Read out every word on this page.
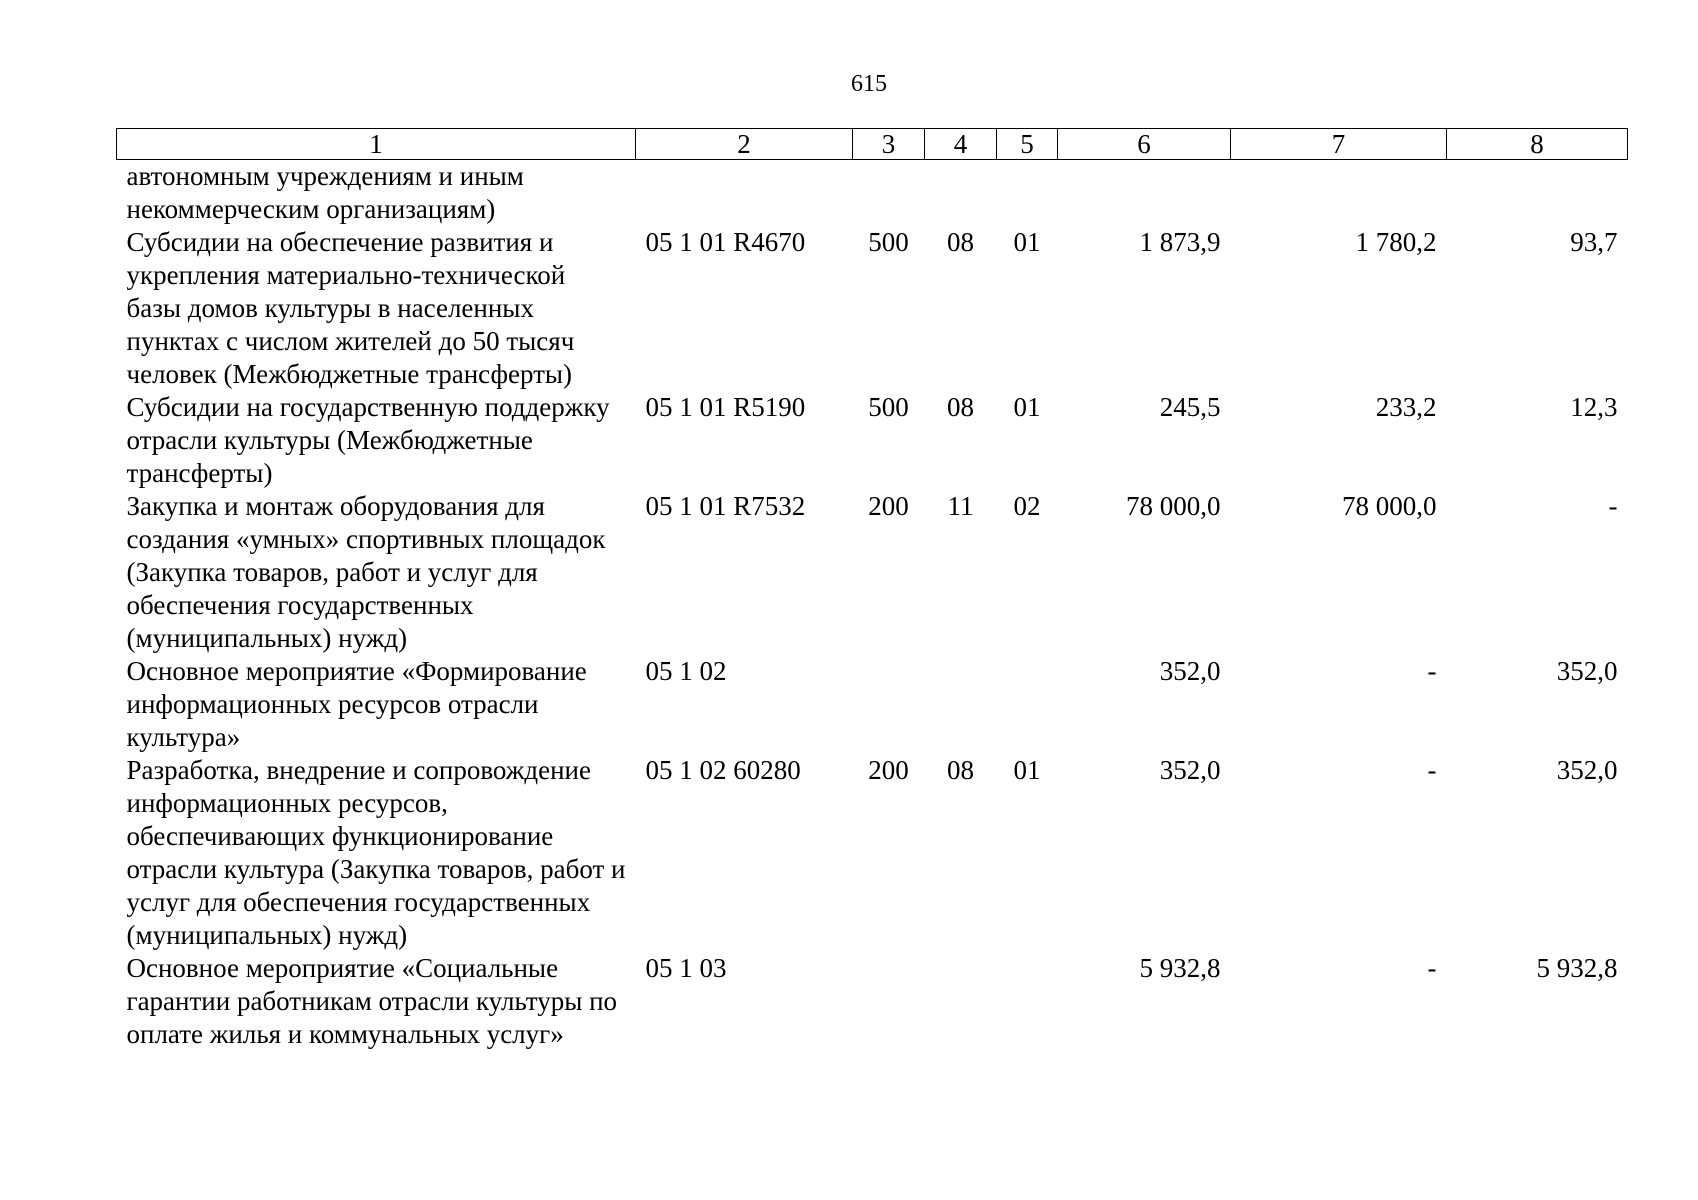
615
1	2	3	4	5	6	7	8
автономным учреждениям и иным некоммерческим организациям)							
Субсидии на обеспечение развития и укрепления материально-технической базы домов культуры в населенных пунктах с числом жителей до 50 тысяч человек (Межбюджетные трансферты)	05 1 01 R4670	500	08	01	1 873,9	1 780,2	93,7
Субсидии на государственную поддержку отрасли культуры (Межбюджетные трансферты)	05 1 01 R5190	500	08	01	245,5	233,2	12,3
Закупка и монтаж оборудования для создания «умных» спортивных площадок (Закупка товаров, работ и услуг для обеспечения государственных (муниципальных) нужд)	05 1 01 R7532	200	11	02	78 000,0	78 000,0	-
Основное мероприятие «Формирование информационных ресурсов отрасли культура»	05 1 02				352,0	-	352,0
Разработка, внедрение и сопровождение информационных ресурсов, обеспечивающих функционирование отрасли культура (Закупка товаров, работ и услуг для обеспечения государственных (муниципальных) нужд)	05 1 02 60280	200	08	01	352,0	-	352,0
Основное мероприятие «Социальные гарантии работникам отрасли культуры по оплате жилья и коммунальных услуг»	05 1 03				5 932,8	-	5 932,8
